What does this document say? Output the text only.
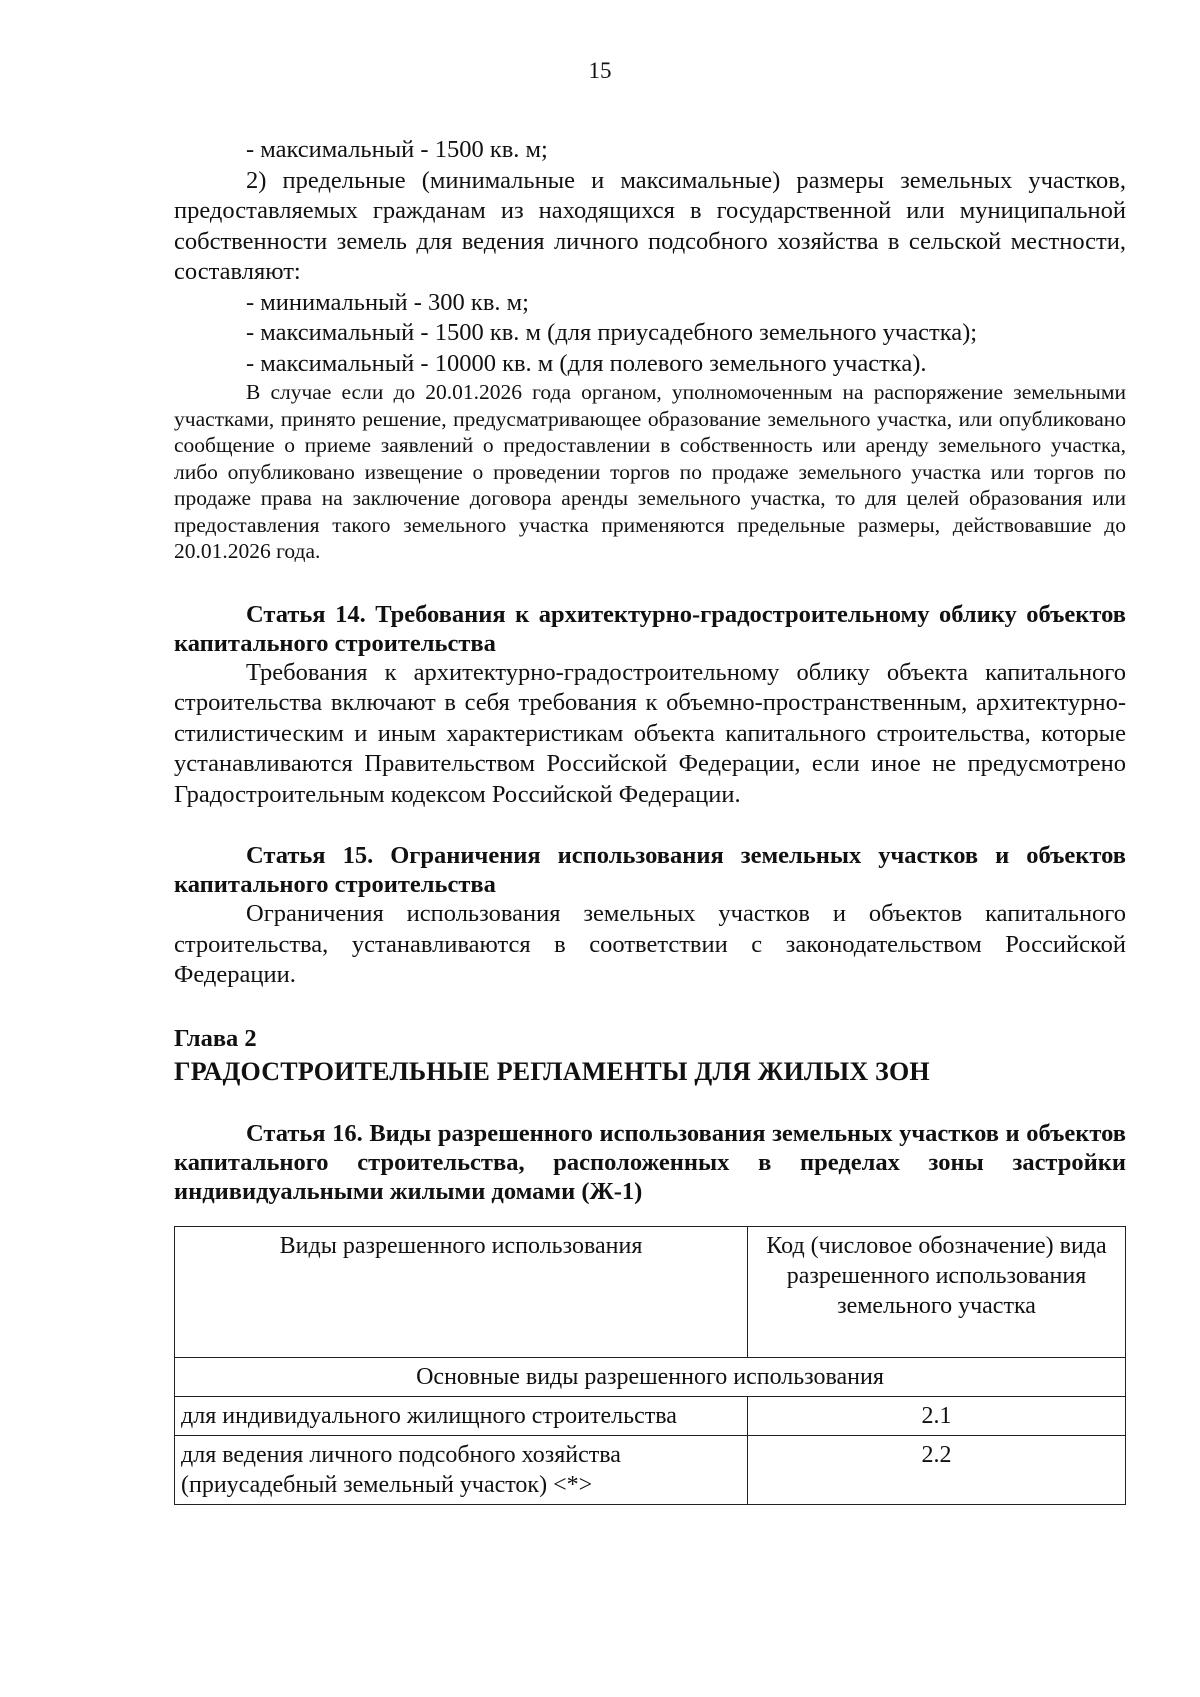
15

- максимальный - 1500 кв. м;

2) предельные (минимальные и максимальные) размеры земельных участков, предоставляемых гражданам из находящихся в государственной или муниципальной собственности земель для ведения личного подсобного хозяйства в сельской местности, составляют:

- минимальный - 300 кв. м;

- максимальный - 1500 кв. м (для приусадебного земельного участка);

- максимальный - 10000 кв. м (для полевого земельного участка).

В случае если до 20.01.2026 года органом, уполномоченным на распоряжение земельными участками, принято решение, предусматривающее образование земельного участка, или опубликовано сообщение о приеме заявлений о предоставлении в собственность или аренду земельного участка, либо опубликовано извещение о проведении торгов по продаже земельного участка или торгов по продаже права на заключение договора аренды земельного участка, то для целей образования или предоставления такого земельного участка применяются предельные размеры, действовавшие до 20.01.2026 года.

Статья 14. Требования к архитектурно-градостроительному облику объектов капитального строительства

Требования к архитектурно-градостроительному облику объекта капитального строительства включают в себя требования к объемно-пространственным, архитектурно-стилистическим и иным характеристикам объекта капитального строительства, которые устанавливаются Правительством Российской Федерации, если иное не предусмотрено Градостроительным кодексом Российской Федерации.

Статья 15. Ограничения использования земельных участков и объектов капитального строительства

Ограничения использования земельных участков и объектов капитального строительства, устанавливаются в соответствии с законодательством Российской Федерации.

Глава 2

ГРАДОСТРОИТЕЛЬНЫЕ РЕГЛАМЕНТЫ ДЛЯ ЖИЛЫХ ЗОН

Статья 16. Виды разрешенного использования земельных участков и объектов капитального строительства, расположенных в пределах зоны застройки индивидуальными жилыми домами (Ж-1)

Виды разрешенного использования	Код (числовое обозначение) вида разрешенного использования земельного участка
Основные виды разрешенного использования	
для индивидуального жилищного строительства	2.1
для ведения личного подсобного хозяйства (приусадебный земельный участок) <*>	2.2
